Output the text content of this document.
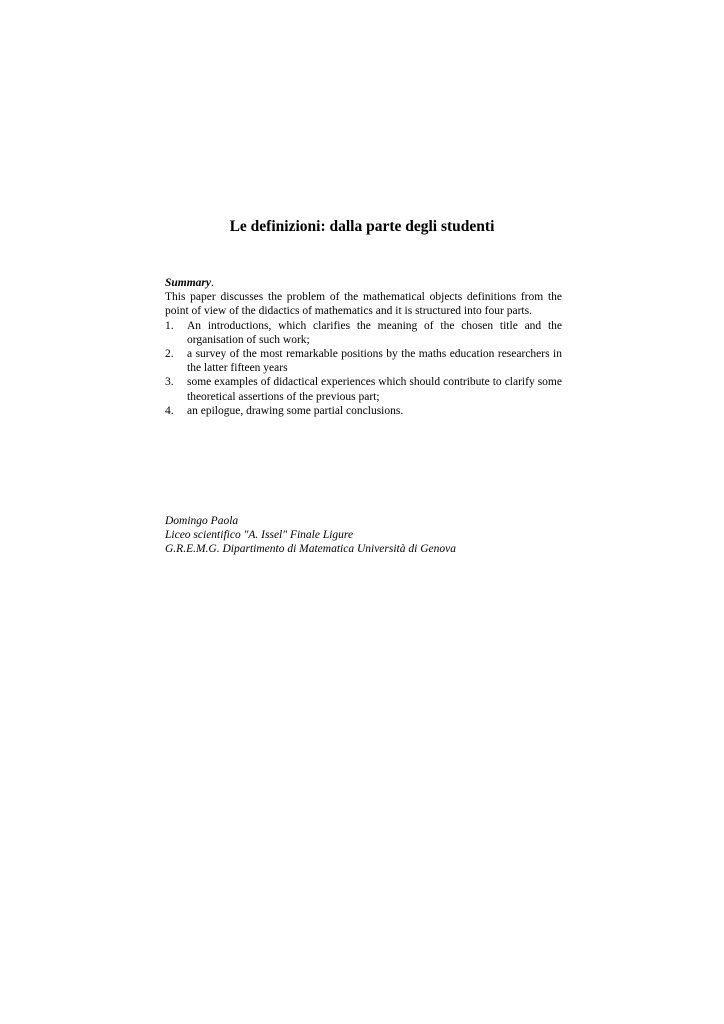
Le definizioni: dalla parte degli studenti

Summary.

This paper discusses the problem of the mathematical objects definitions from the point of view of the didactics of mathematics and it is structured into four parts.

1.	An introductions, which clarifies the meaning of the chosen title and the organisation of such work;
2.	a survey of the most remarkable positions by the maths education researchers in the latter fifteen years
3.	some examples of didactical experiences which should contribute to clarify some theoretical assertions of the previous part;
4.	an epilogue, drawing some partial conclusions.
Domingo Paola
Liceo scientifico "A. Issel" Finale Ligure
G.R.E.M.G. Dipartimento di Matematica Università di Genova
